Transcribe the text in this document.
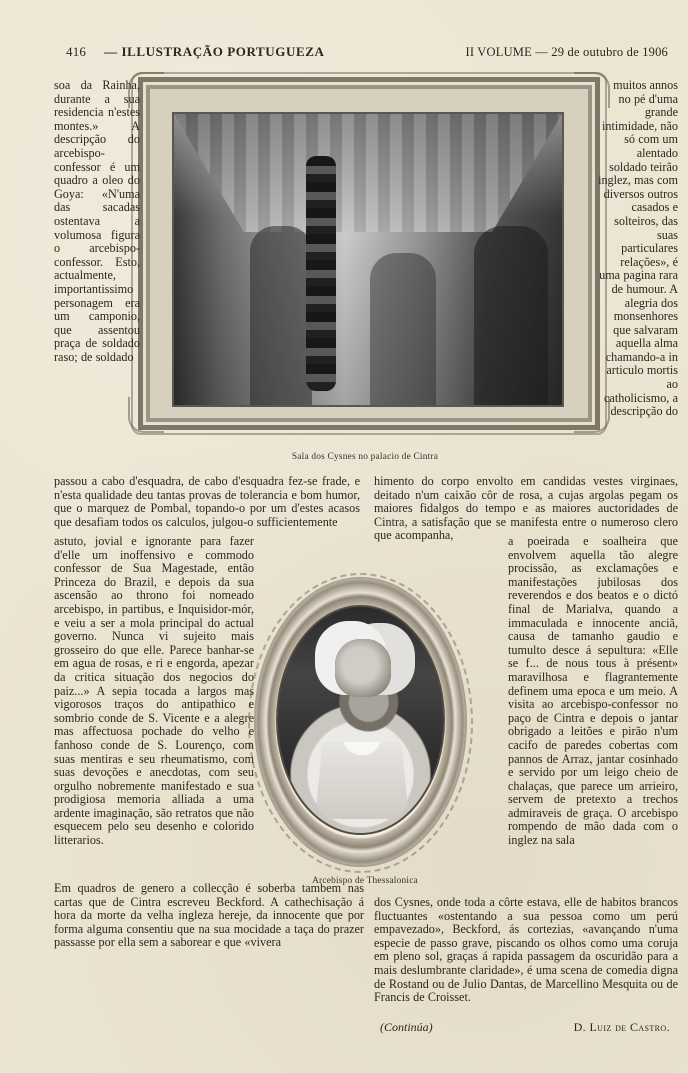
416 — ILLUSTRAÇÃO PORTUGUEZA	II VOLUME — 29 de outubro de 1906
Sala dos Cysnes no palacio de Cintra
soa da Rainha, durante a sua residencia n'estes montes.» A descripção do arcebispo-confessor é um quadro a oleo do Goya: «N'uma das sacadas ostentava a volumosa figura o arcebispo-confessor. Esto, actualmente, importantissimo personagem era um camponio, que assentou praça de soldado raso; de soldado
muitos annos no pé d'uma grande intimidade, não só com um alentado soldado teirão inglez, mas com diversos outros casados e solteiros, das suas particulares relações», é uma pagina rara de humour. A alegria dos monsenhores que salvaram aquella alma chamando-a in articulo mortis ao catholicismo, a descripção do
passou a cabo d'esquadra, de cabo d'esquadra fez-se frade, e n'esta qualidade deu tantas provas de tolerancia e bom humor, que o marquez de Pombal, topando-o por um d'estes acasos que desafiam todos os calculos, julgou-o sufficientemente
himento do corpo envolto em candidas vestes virginaes, deitado n'um caixão côr de rosa, a cujas argolas pegam os maiores fidalgos do tempo e as maiores auctoridades de Cintra, a satisfação que se manifesta entre o numeroso clero que acompanha,
Arcebispo de Thessalonica
astuto, jovial e ignorante para fazer d'elle um inoffensivo e commodo confessor de Sua Magestade, então Princeza do Brazil, e depois da sua ascensão ao throno foi nomeado arcebispo, in partibus, e Inquisidor-mór, e veiu a ser a mola principal do actual governo. Nunca vi sujeito mais grosseiro do que elle. Parece banhar-se em agua de rosas, e ri e engorda, apezar da critica situação dos negocios do paiz...» A sepia tocada a largos mas vigorosos traços do antipathico e sombrio conde de S. Vicente e a alegre mas affectuosa pochade do velho e fanhoso conde de S. Lourenço, com suas mentiras e seu rheumatismo, com suas devoções e anecdotas, com seu orgulho nobremente manifestado e sua prodigiosa memoria alliada a uma ardente imaginação, são retratos que não esquecem pelo seu desenho e colorido litterarios.
a poeirada e soalheira que envolvem aquella tão alegre procissão, as exclamações e manifestações jubilosas dos reverendos e dos beatos e o dictó final de Marialva, quando a immaculada e innocente anciã, causa de tamanho gaudio e tumulto desce á sepultura: «Elle se f... de nous tous à présent» maravilhosa e flagrantemente definem uma epoca e um meio. A visita ao arcebispo-confessor no paço de Cintra e depois o jantar obrigado a leitões e pirão n'um cacifo de paredes cobertas com pannos de Arraz, jantar cosinhado e servido por um leigo cheio de chalaças, que parece um arrieiro, servem de pretexto a trechos admiraveis de graça. O arcebispo rompendo de mão dada com o inglez na sala
Em quadros de genero a collecção é soberba tambem nas cartas que de Cintra escreveu Beckford. A cathechisação á hora da morte da velha ingleza hereje, da innocente que por forma alguma consentiu que na sua mocidade a taça do prazer passasse por ella sem a saborear e que «vivera
dos Cysnes, onde toda a côrte estava, elle de habitos brancos fluctuantes «ostentando a sua pessoa como um perú empavezado», Beckford, ás cortezias, «avançando n'uma especie de passo grave, piscando os olhos como uma coruja em pleno sol, graças á rapida passagem da oscuridão para a mais deslumbrante claridade», é uma scena de comedia digna de Rostand ou de Julio Dantas, de Marcellino Mesquita ou de Francis de Croisset.
(Continúa)	D. Luiz de Castro.
